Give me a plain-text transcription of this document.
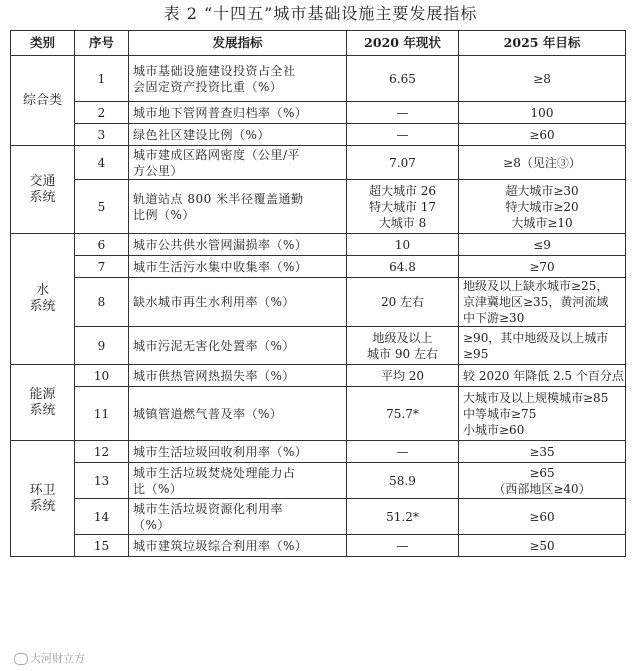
表 2 “十四五”城市基础设施主要发展指标
类别	序号	发展指标	2020 年现状	2025 年目标
综合类	1	城市基础设施建设投资占全社
会固定资产投资比重（%）	6.65	≥8

	2	城市地下管网普查归档率（%）	—	100

	3	绿色社区建设比例（%）	—	≥60

交通
系统	4	城市建成区路网密度（公里/平
方公里）	7.07	≥8（见注③）

	5	轨道站点 800 米半径覆盖通勤
比例（%）	超大城市 26
特大城市 17
大城市 8	超大城市≥30
特大城市≥20
大城市≥10

水
系统	6	城市公共供水管网漏损率（%）	10	≤9

	7	城市生活污水集中收集率（%）	64.8	≥70

	8	缺水城市再生水利用率（%）	20 左右	地级及以上缺水城市≥25，
京津冀地区≥35，黄河流域
中下游≥30

	9	城市污泥无害化处置率（%）	地级及以上
城市 90 左右	≥90，其中地级及以上城市
≥95

能源
系统	10	城市供热管网热损失率（%）	平均 20	较 2020 年降低 2.5 个百分点

	11	城镇管道燃气普及率（%）	75.7*	大城市及以上规模城市≥85
中等城市≥75
小城市≥60

环卫
系统	12	城市生活垃圾回收利用率（%）	—	≥35

	13	城市生活垃圾焚烧处理能力占
比（%）	58.9	≥65
（西部地区≥40）

	14	城市生活垃圾资源化利用率
（%）	51.2*	≥60

	15	城市建筑垃圾综合利用率（%）	—	≥50
大河财立方
